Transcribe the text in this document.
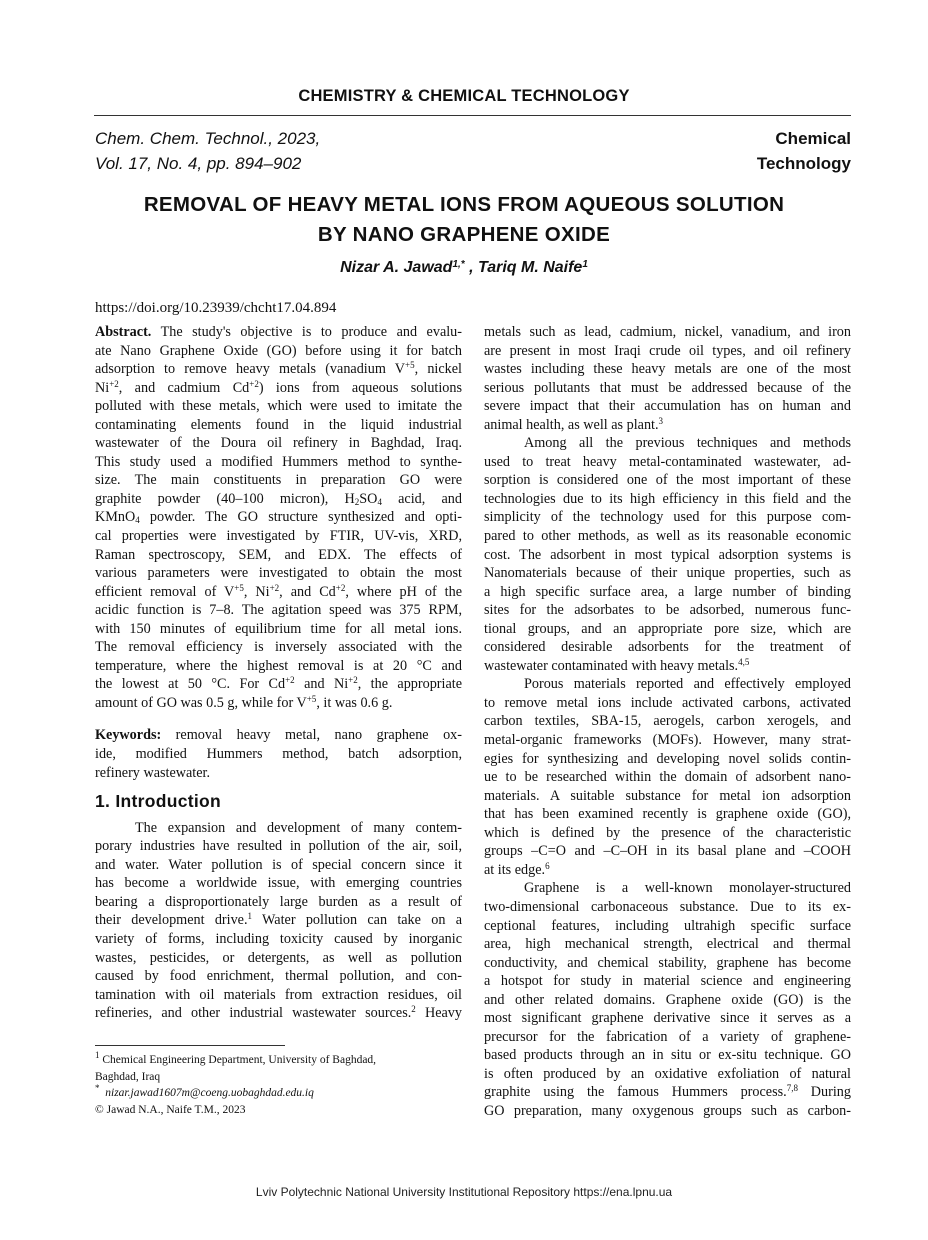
CHEMISTRY & CHEMICAL TECHNOLOGY
Chem. Chem. Technol., 2023,
Vol. 17, No. 4, pp. 894–902
Chemical
Technology
REMOVAL OF HEAVY METAL IONS FROM AQUEOUS SOLUTION
BY NANO GRAPHENE OXIDE
Nizar A. Jawad$^{1,*}$ , Tariq M. Naife$^1$
https://doi.org/10.23939/chcht17.04.894
Abstract. The study's objective is to produce and evalu-
ate Nano Graphene Oxide (GO) before using it for batch
adsorption to remove heavy metals (vanadium $V^{+5}$, nickel
$Ni^{+2}$, and cadmium $Cd^{+2}$) ions from aqueous solutions
polluted with these metals, which were used to imitate the
contaminating elements found in the liquid industrial
wastewater of the Doura oil refinery in Baghdad, Iraq.
This study used a modified Hummers method to synthe-
size. The main constituents in preparation GO were
graphite powder (40–100 micron), $H_2SO_4$ acid, and
KMnO$_4$ powder. The GO structure synthesized and opti-
cal properties were investigated by FTIR, UV-vis, XRD,
Raman spectroscopy, SEM, and EDX. The effects of
various parameters were investigated to obtain the most
efficient removal of $V^{+5}$, $Ni^{+2}$, and $Cd^{+2}$, where pH of the
acidic function is 7–8. The agitation speed was 375 RPM,
with 150 minutes of equilibrium time for all metal ions.
The removal efficiency is inversely associated with the
temperature, where the highest removal is at 20 °C and
the lowest at 50 °C. For $Cd^{+2}$ and $Ni^{+2}$, the appropriate
amount of GO was 0.5 g, while for $V^{+5}$, it was 0.6 g.
Keywords: removal heavy metal, nano graphene ox-
ide, modified Hummers method, batch adsorption,
refinery wastewater.
1. Introduction
The expansion and development of many contem-
porary industries have resulted in pollution of the air, soil,
and water. Water pollution is of special concern since it
has become a worldwide issue, with emerging countries
bearing a disproportionately large burden as a result of
their development drive.$^1$ Water pollution can take on a
variety of forms, including toxicity caused by inorganic
wastes, pesticides, or detergents, as well as pollution
caused by food enrichment, thermal pollution, and con-
tamination with oil materials from extraction residues, oil
refineries, and other industrial wastewater sources.$^2$ Heavy
metals such as lead, cadmium, nickel, vanadium, and iron
are present in most Iraqi crude oil types, and oil refinery
wastes including these heavy metals are one of the most
serious pollutants that must be addressed because of the
severe impact that their accumulation has on human and
animal health, as well as plant.$^3$
Among all the previous techniques and methods
used to treat heavy metal-contaminated wastewater, ad-
sorption is considered one of the most important of these
technologies due to its high efficiency in this field and the
simplicity of the technology used for this purpose com-
pared to other methods, as well as its reasonable economic
cost. The adsorbent in most typical adsorption systems is
Nanomaterials because of their unique properties, such as
a high specific surface area, a large number of binding
sites for the adsorbates to be adsorbed, numerous func-
tional groups, and an appropriate pore size, which are
considered desirable adsorbents for the treatment of
wastewater contaminated with heavy metals.$^{4,5}$
Porous materials reported and effectively employed
to remove metal ions include activated carbons, activated
carbon textiles, SBA-15, aerogels, carbon xerogels, and
metal-organic frameworks (MOFs). However, many strat-
egies for synthesizing and developing novel solids contin-
ue to be researched within the domain of adsorbent nano-
materials. A suitable substance for metal ion adsorption
that has been examined recently is graphene oxide (GO),
which is defined by the presence of the characteristic
groups –C=O and –C–OH in its basal plane and –COOH
at its edge.$^6$
Graphene is a well-known monolayer-structured
two-dimensional carbonaceous substance. Due to its ex-
ceptional features, including ultrahigh specific surface
area, high mechanical strength, electrical and thermal
conductivity, and chemical stability, graphene has become
a hotspot for study in material science and engineering
and other related domains. Graphene oxide (GO) is the
most significant graphene derivative since it serves as a
precursor for the fabrication of a variety of graphene-
based products through an in situ or ex-situ technique. GO
is often produced by an oxidative exfoliation of natural
graphite using the famous Hummers process.$^{7,8}$ During
GO preparation, many oxygenous groups such as carbon-
$^1$ Chemical Engineering Department, University of Baghdad,
Baghdad, Iraq
* nizar.jawad1607m@coeng.uobaghdad.edu.iq
© Jawad N.A., Naife T.M., 2023
Lviv Polytechnic National University Institutional Repository https://ena.lpnu.ua
